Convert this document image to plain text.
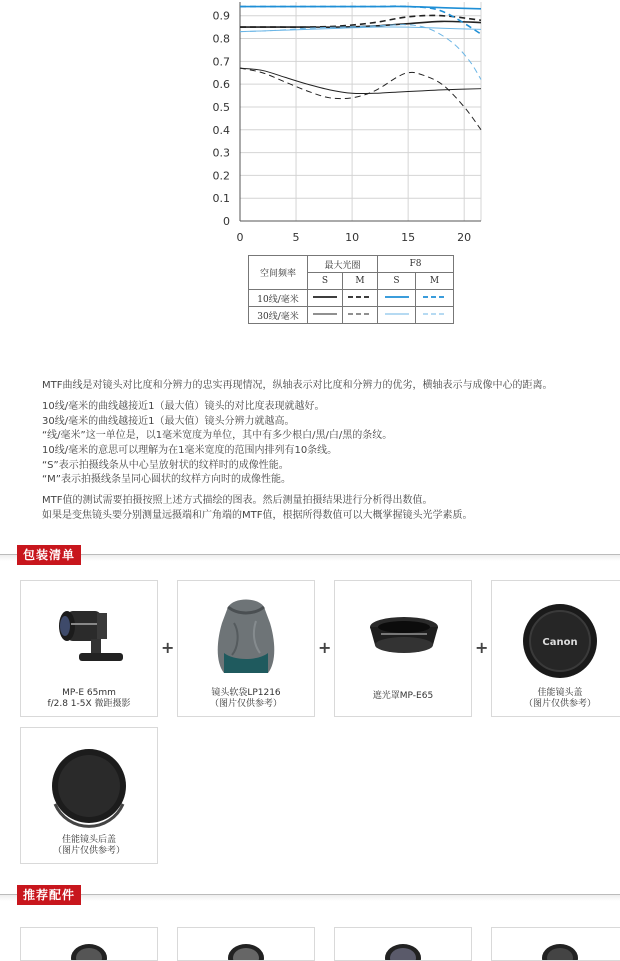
0
0.1
0.2
0.3
0.4
0.5
0.6
0.7
0.8
0.9
0	5	10	15	20
空间频率	最大光圈		F8	
	S	M	S	M
10线/毫米				
30线/毫米				
MTF曲线是对镜头对比度和分辨力的忠实再现情况，纵轴表示对比度和分辨力的优劣，横轴表示与成像中心的距离。
10线/毫米的曲线越接近1（最大值）镜头的对比度表现就越好。
30线/毫米的曲线越接近1（最大值）镜头分辨力就越高。
“线/毫米”这一单位是，以1毫米宽度为单位，其中有多少根白/黑/白/黑的条纹。
10线/毫米的意思可以理解为在1毫米宽度的范围内排列有10条线。
“S”表示拍摄线条从中心呈放射状的纹样时的成像性能。
“M”表示拍摄线条呈同心圆状的纹样方向时的成像性能。
MTF值的测试需要拍摄按照上述方式描绘的图表。然后测量拍摄结果进行分析得出数值。
如果是变焦镜头要分别测量远摄端和广角端的MTF值，根据所得数值可以大概掌握镜头光学素质。
包装清单
MP-E 65mm
f/2.8 1-5X 微距摄影
+
镜头软袋LP1216
（图片仅供参考）
+
遮光罩MP-E65
+	Canon
佳能镜头盖
（图片仅供参考）
佳能镜头后盖
（图片仅供参考）
推荐配件
